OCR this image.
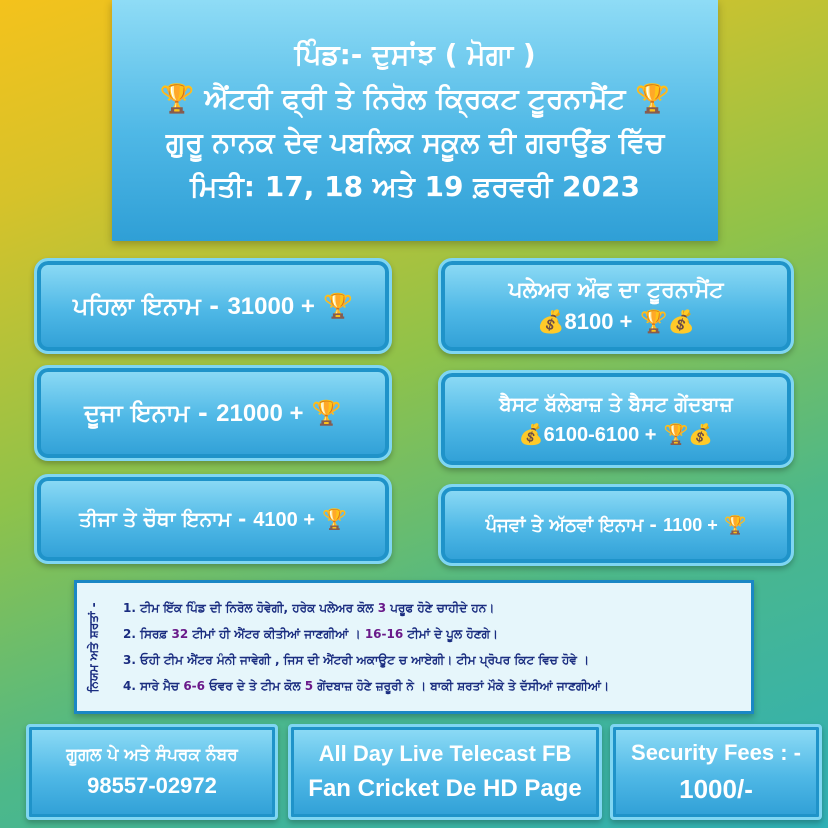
ਪਿੰਡ:- ਦੁਸਾਂਝ ( ਮੋਗਾ )
🏆 ਐਂਟਰੀ ਫ੍ਰੀ ਤੇ ਨਿਰੋਲ ਕ੍ਰਿਕਟ ਟੂਰਨਾਮੈਂਟ 🏆
ਗੁਰੂ ਨਾਨਕ ਦੇਵ ਪਬਲਿਕ ਸਕੂਲ ਦੀ ਗਰਾਉਂਡ ਵਿੱਚ
ਮਿਤੀ: 17, 18 ਅਤੇ 19 ਫ਼ਰਵਰੀ 2023
ਪਹਿਲਾ ਇਨਾਮ - 31000 + 🏆
ਦੂਜਾ ਇਨਾਮ - 21000 + 🏆
ਤੀਜਾ ਤੇ ਚੌਥਾ ਇਨਾਮ - 4100 + 🏆
ਪਲੇਅਰ ਔਫ ਦਾ ਟੂਰਨਾਮੈਂਟ
💰8100 + 🏆💰
ਬੈਸਟ ਬੱਲੇਬਾਜ਼ ਤੇ ਬੈਸਟ ਗੇਂਦਬਾਜ਼
💰6100-6100 + 🏆💰
ਪੰਜਵਾਂ ਤੇ ਅੱਠਵਾਂ ਇਨਾਮ - 1100 + 🏆
ਨਿਯਮ ਅਤੇ ਸ਼ਰਤਾਂ - 1. ਟੀਮ ਇੱਕ ਪਿੰਡ ਦੀ ਨਿਰੋਲ ਹੋਵੇਗੀ, ਹਰੇਕ ਪਲੇਅਰ ਕੋਲ 3 ਪਰੂਫ ਹੋਣੇ ਚਾਹੀਦੇ ਹਨ।
2. ਸਿਰਫ਼ 32 ਟੀਮਾਂ ਹੀ ਐਂਟਰ ਕੀਤੀਆਂ ਜਾਣਗੀਆਂ । 16-16 ਟੀਮਾਂ ਦੇ ਪੂਲ ਹੋਣਗੇ।
3. ਓਹੀ ਟੀਮ ਐਂਟਰ ਮੰਨੀ ਜਾਵੇਗੀ , ਜਿਸ ਦੀ ਐਂਟਰੀ ਅਕਾਊਟ ਚ ਆਏਗੀ। ਟੀਮ ਪ੍ਰੋਪਰ ਕਿਟ ਵਿਚ ਹੋਵੇ ।
4. ਸਾਰੇ ਮੈਚ 6-6 ਓਵਰ ਦੇ ਤੇ ਟੀਮ ਕੋਲ 5 ਗੇਂਦਬਾਜ਼ ਹੋਣੇ ਜ਼ਰੂਰੀ ਨੇ । ਬਾਕੀ ਸ਼ਰਤਾਂ ਮੌਕੇ ਤੇ ਦੱਸੀਆਂ ਜਾਣਗੀਆਂ।
ਗੂਗਲ ਪੇ ਅਤੇ ਸੰਪਰਕ ਨੰਬਰ
98557-02972
All Day Live Telecast FB
Fan Cricket De HD Page
Security Fees : -
1000/-
